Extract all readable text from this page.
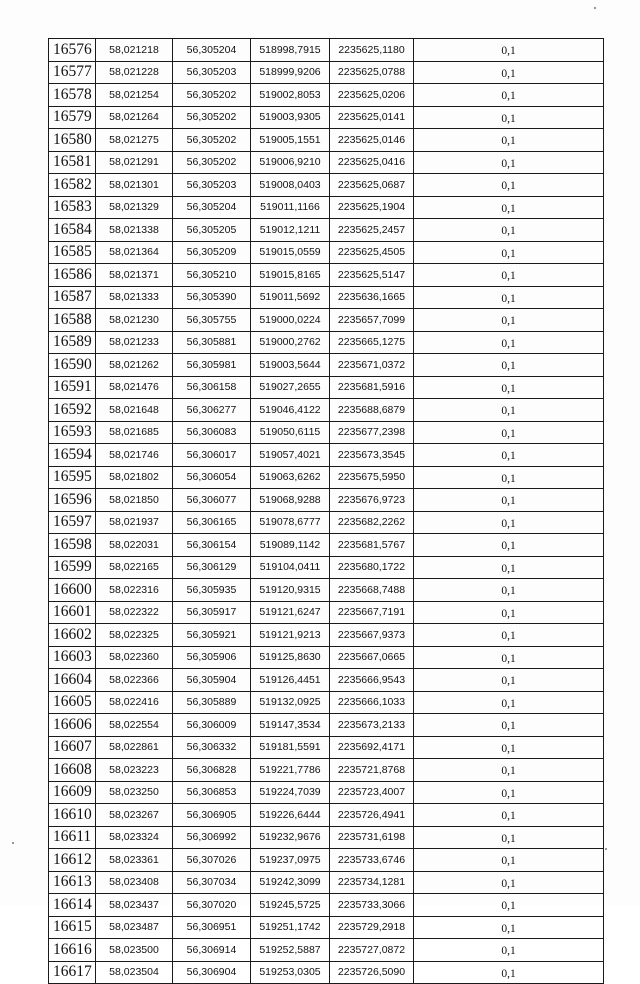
16576	58,021218	56,305204	518998,7915	2235625,1180	0,1
16577	58,021228	56,305203	518999,9206	2235625,0788	0,1
16578	58,021254	56,305202	519002,8053	2235625,0206	0,1
16579	58,021264	56,305202	519003,9305	2235625,0141	0,1
16580	58,021275	56,305202	519005,1551	2235625,0146	0,1
16581	58,021291	56,305202	519006,9210	2235625,0416	0,1
16582	58,021301	56,305203	519008,0403	2235625,0687	0,1
16583	58,021329	56,305204	519011,1166	2235625,1904	0,1
16584	58,021338	56,305205	519012,1211	2235625,2457	0,1
16585	58,021364	56,305209	519015,0559	2235625,4505	0,1
16586	58,021371	56,305210	519015,8165	2235625,5147	0,1
16587	58,021333	56,305390	519011,5692	2235636,1665	0,1
16588	58,021230	56,305755	519000,0224	2235657,7099	0,1
16589	58,021233	56,305881	519000,2762	2235665,1275	0,1
16590	58,021262	56,305981	519003,5644	2235671,0372	0,1
16591	58,021476	56,306158	519027,2655	2235681,5916	0,1
16592	58,021648	56,306277	519046,4122	2235688,6879	0,1
16593	58,021685	56,306083	519050,6115	2235677,2398	0,1
16594	58,021746	56,306017	519057,4021	2235673,3545	0,1
16595	58,021802	56,306054	519063,6262	2235675,5950	0,1
16596	58,021850	56,306077	519068,9288	2235676,9723	0,1
16597	58,021937	56,306165	519078,6777	2235682,2262	0,1
16598	58,022031	56,306154	519089,1142	2235681,5767	0,1
16599	58,022165	56,306129	519104,0411	2235680,1722	0,1
16600	58,022316	56,305935	519120,9315	2235668,7488	0,1
16601	58,022322	56,305917	519121,6247	2235667,7191	0,1
16602	58,022325	56,305921	519121,9213	2235667,9373	0,1
16603	58,022360	56,305906	519125,8630	2235667,0665	0,1
16604	58,022366	56,305904	519126,4451	2235666,9543	0,1
16605	58,022416	56,305889	519132,0925	2235666,1033	0,1
16606	58,022554	56,306009	519147,3534	2235673,2133	0,1
16607	58,022861	56,306332	519181,5591	2235692,4171	0,1
16608	58,023223	56,306828	519221,7786	2235721,8768	0,1
16609	58,023250	56,306853	519224,7039	2235723,4007	0,1
16610	58,023267	56,306905	519226,6444	2235726,4941	0,1
16611	58,023324	56,306992	519232,9676	2235731,6198	0,1
16612	58,023361	56,307026	519237,0975	2235733,6746	0,1
16613	58,023408	56,307034	519242,3099	2235734,1281	0,1
16614	58,023437	56,307020	519245,5725	2235733,3066	0,1
16615	58,023487	56,306951	519251,1742	2235729,2918	0,1
16616	58,023500	56,306914	519252,5887	2235727,0872	0,1
16617	58,023504	56,306904	519253,0305	2235726,5090	0,1
